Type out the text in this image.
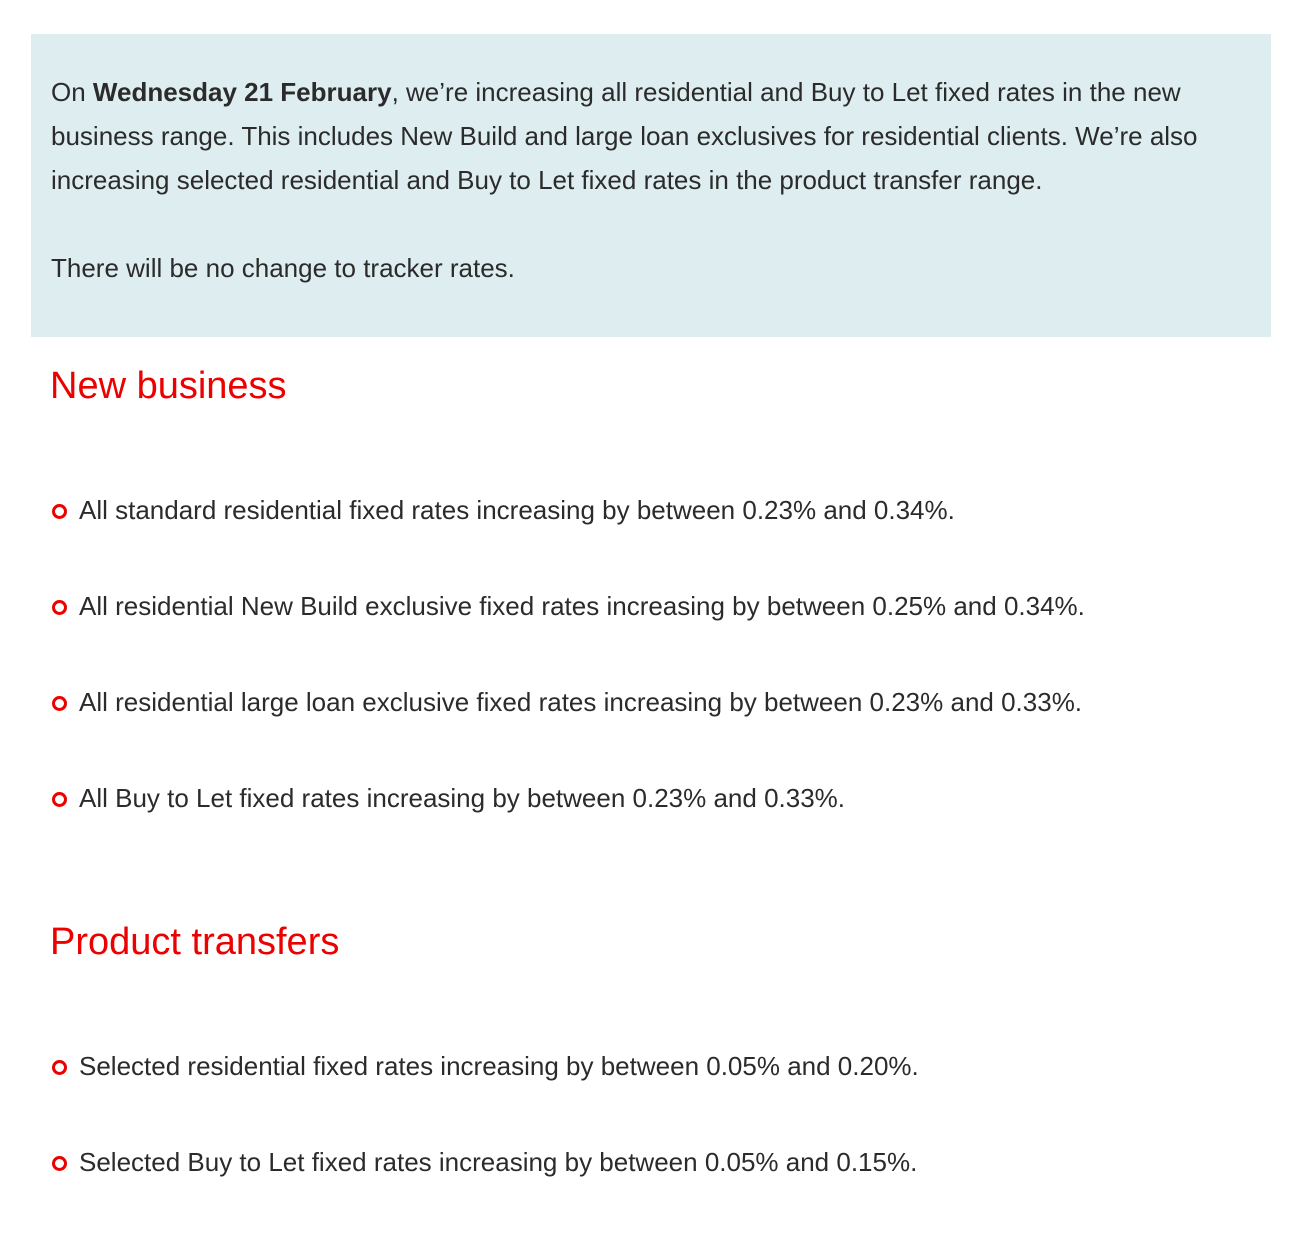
On Wednesday 21 February, we’re increasing all residential and Buy to Let fixed rates in the new business range. This includes New Build and large loan exclusives for residential clients. We’re also increasing selected residential and Buy to Let fixed rates in the product transfer range.

There will be no change to tracker rates.

New business
All standard residential fixed rates increasing by between 0.23% and 0.34%.
All residential New Build exclusive fixed rates increasing by between 0.25% and 0.34%.
All residential large loan exclusive fixed rates increasing by between 0.23% and 0.33%.
All Buy to Let fixed rates increasing by between 0.23% and 0.33%.
Product transfers
Selected residential fixed rates increasing by between 0.05% and 0.20%.
Selected Buy to Let fixed rates increasing by between 0.05% and 0.15%.
